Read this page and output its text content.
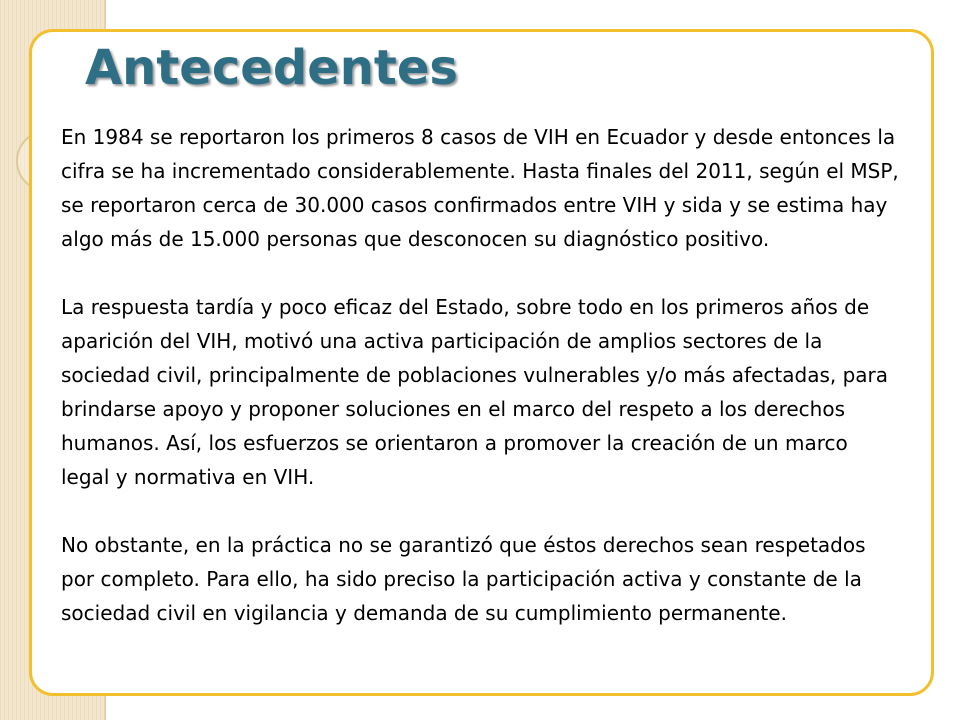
Antecedentes

En 1984 se reportaron los primeros 8 casos de VIH en Ecuador y desde entonces la cifra se ha incrementado considerablemente. Hasta finales del 2011, según el MSP, se reportaron cerca de 30.000 casos confirmados entre VIH y sida y se estima hay algo más de 15.000 personas que desconocen su diagnóstico positivo.

La respuesta tardía y poco eficaz del Estado, sobre todo en los primeros años de aparición del VIH, motivó una activa participación de amplios sectores de la sociedad civil, principalmente de poblaciones vulnerables y/o más afectadas, para brindarse apoyo y proponer soluciones en el marco del respeto a los derechos humanos. Así, los esfuerzos se orientaron a promover la creación de un marco legal y normativa en VIH.

No obstante, en la práctica no se garantizó que éstos derechos sean respetados por completo. Para ello, ha sido preciso la participación activa y constante de la sociedad civil en vigilancia y demanda de su cumplimiento permanente.
